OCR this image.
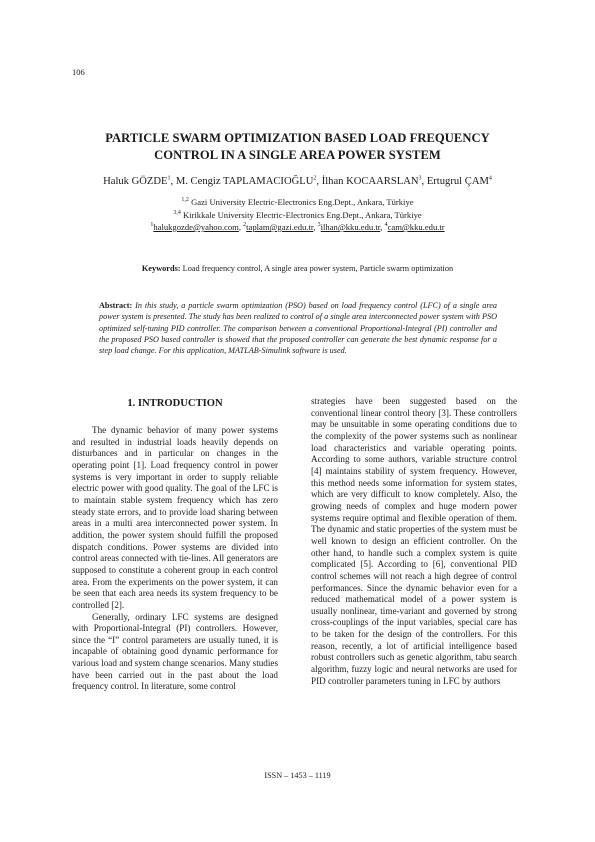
106
PARTICLE SWARM OPTIMIZATION BASED LOAD FREQUENCY
CONTROL IN A SINGLE AREA POWER SYSTEM
Haluk GÖZDE$^1$, M. Cengiz TAPLAMACIOĞLU$^2$, İlhan KOCAARSLAN$^3$, Ertugrul ÇAM$^4$
$^{1,2}$ Gazi University Electric-Electronics Eng.Dept., Ankara, Türkiye
$^{3,4}$ Kirikkale University Electric-Electronics Eng.Dept., Ankara, Türkiye
$^1$halukgozde@yahoo.com, $^2$taplam@gazi.edu.tr, $^3$ilhan@kku.edu.tr, $^4$cam@kku.edu.tr
Keywords: Load frequency control, A single area power system, Particle swarm optimization
Abstract: In this study, a particle swarm optimization (PSO) based on load frequency control (LFC) of a single area power system is presented. The study has been realized to control of a single area interconnected power system with PSO optimized self-tuning PID controller. The comparison between a conventional Proportional-Integral (PI) controller and the proposed PSO based controller is showed that the proposed controller can generate the best dynamic response for a step load change. For this application, MATLAB-Simulink software is used.

1. INTRODUCTION

The dynamic behavior of many power systems and resulted in industrial loads heavily depends on disturbances and in particular on changes in the operating point [1]. Load frequency control in power systems is very important in order to supply reliable electric power with good quality. The goal of the LFC is to maintain stable system frequency which has zero steady state errors, and to provide load sharing between areas in a multi area interconnected power system. In addition, the power system should fulfill the proposed dispatch conditions. Power systems are divided into control areas connected with tie-lines. All generators are supposed to constitute a coherent group in each control area. From the experiments on the power system, it can be seen that each area needs its system frequency to be controlled [2].

Generally, ordinary LFC systems are designed with Proportional-Integral (PI) controllers. However, since the “I” control parameters are usually tuned, it is incapable of obtaining good dynamic performance for various load and system change scenarios. Many studies have been carried out in the past about the load frequency control. In literature, some control

strategies have been suggested based on the conventional linear control theory [3]. These controllers may be unsuitable in some operating conditions due to the complexity of the power systems such as nonlinear load characteristics and variable operating points. According to some authors, variable structure control [4] maintains stability of system frequency. However, this method needs some information for system states, which are very difficult to know completely. Also, the growing needs of complex and huge modern power systems require optimal and flexible operation of them. The dynamic and static properties of the system must be well known to design an efficient controller. On the other hand, to handle such a complex system is quite complicated [5]. According to [6], conventional PID control schemes will not reach a high degree of control performances. Since the dynamic behavior even for a reduced mathematical model of a power system is usually nonlinear, time-variant and governed by strong cross-couplings of the input variables, special care has to be taken for the design of the controllers. For this reason, recently, a lot of artificial intelligence based robust controllers such as genetic algorithm, tabu search algorithm, fuzzy logic and neural networks are used for PID controller parameters tuning in LFC by authors

ISSN – 1453 – 1119
